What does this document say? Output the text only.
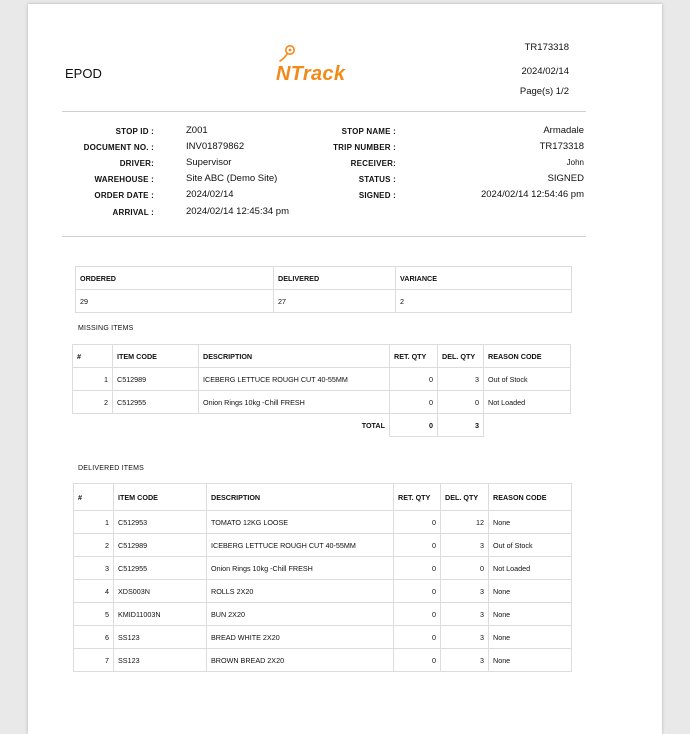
EPOD	NTrack
TR173318
2024/02/14
Page(s) 1/2
STOP ID :	Z001
DOCUMENT NO. :	INV01879862
DRIVER:	Supervisor
WAREHOUSE :	Site ABC (Demo Site)
ORDER DATE :	2024/02/14
ARRIVAL :	2024/02/14 12:45:34 pm
STOP NAME :	Armadale
TRIP NUMBER :	TR173318
RECEIVER:	John
STATUS :	SIGNED
SIGNED :	2024/02/14 12:54:46 pm
ORDERED	DELIVERED	VARIANCE
29	27	2
MISSING ITEMS
#	ITEM CODE	DESCRIPTION	RET. QTY	DEL. QTY	REASON CODE
1	C512989	ICEBERG LETTUCE ROUGH CUT 40-55MM	0	3	Out of Stock
2	C512955	Onion Rings 10kg -Chill FRESH	0	0	Not Loaded
		TOTAL	0	3	
DELIVERED ITEMS
#	ITEM CODE	DESCRIPTION	RET. QTY	DEL. QTY	REASON CODE
1	C512953	TOMATO 12KG LOOSE	0	12	None
2	C512989	ICEBERG LETTUCE ROUGH CUT 40-55MM	0	3	Out of Stock
3	C512955	Onion Rings 10kg -Chill FRESH	0	0	Not Loaded
4	XDS003N	ROLLS 2X20	0	3	None
5	KMID11003N	BUN 2X20	0	3	None
6	SS123	BREAD WHITE 2X20	0	3	None
7	SS123	BROWN BREAD 2X20	0	3	None
